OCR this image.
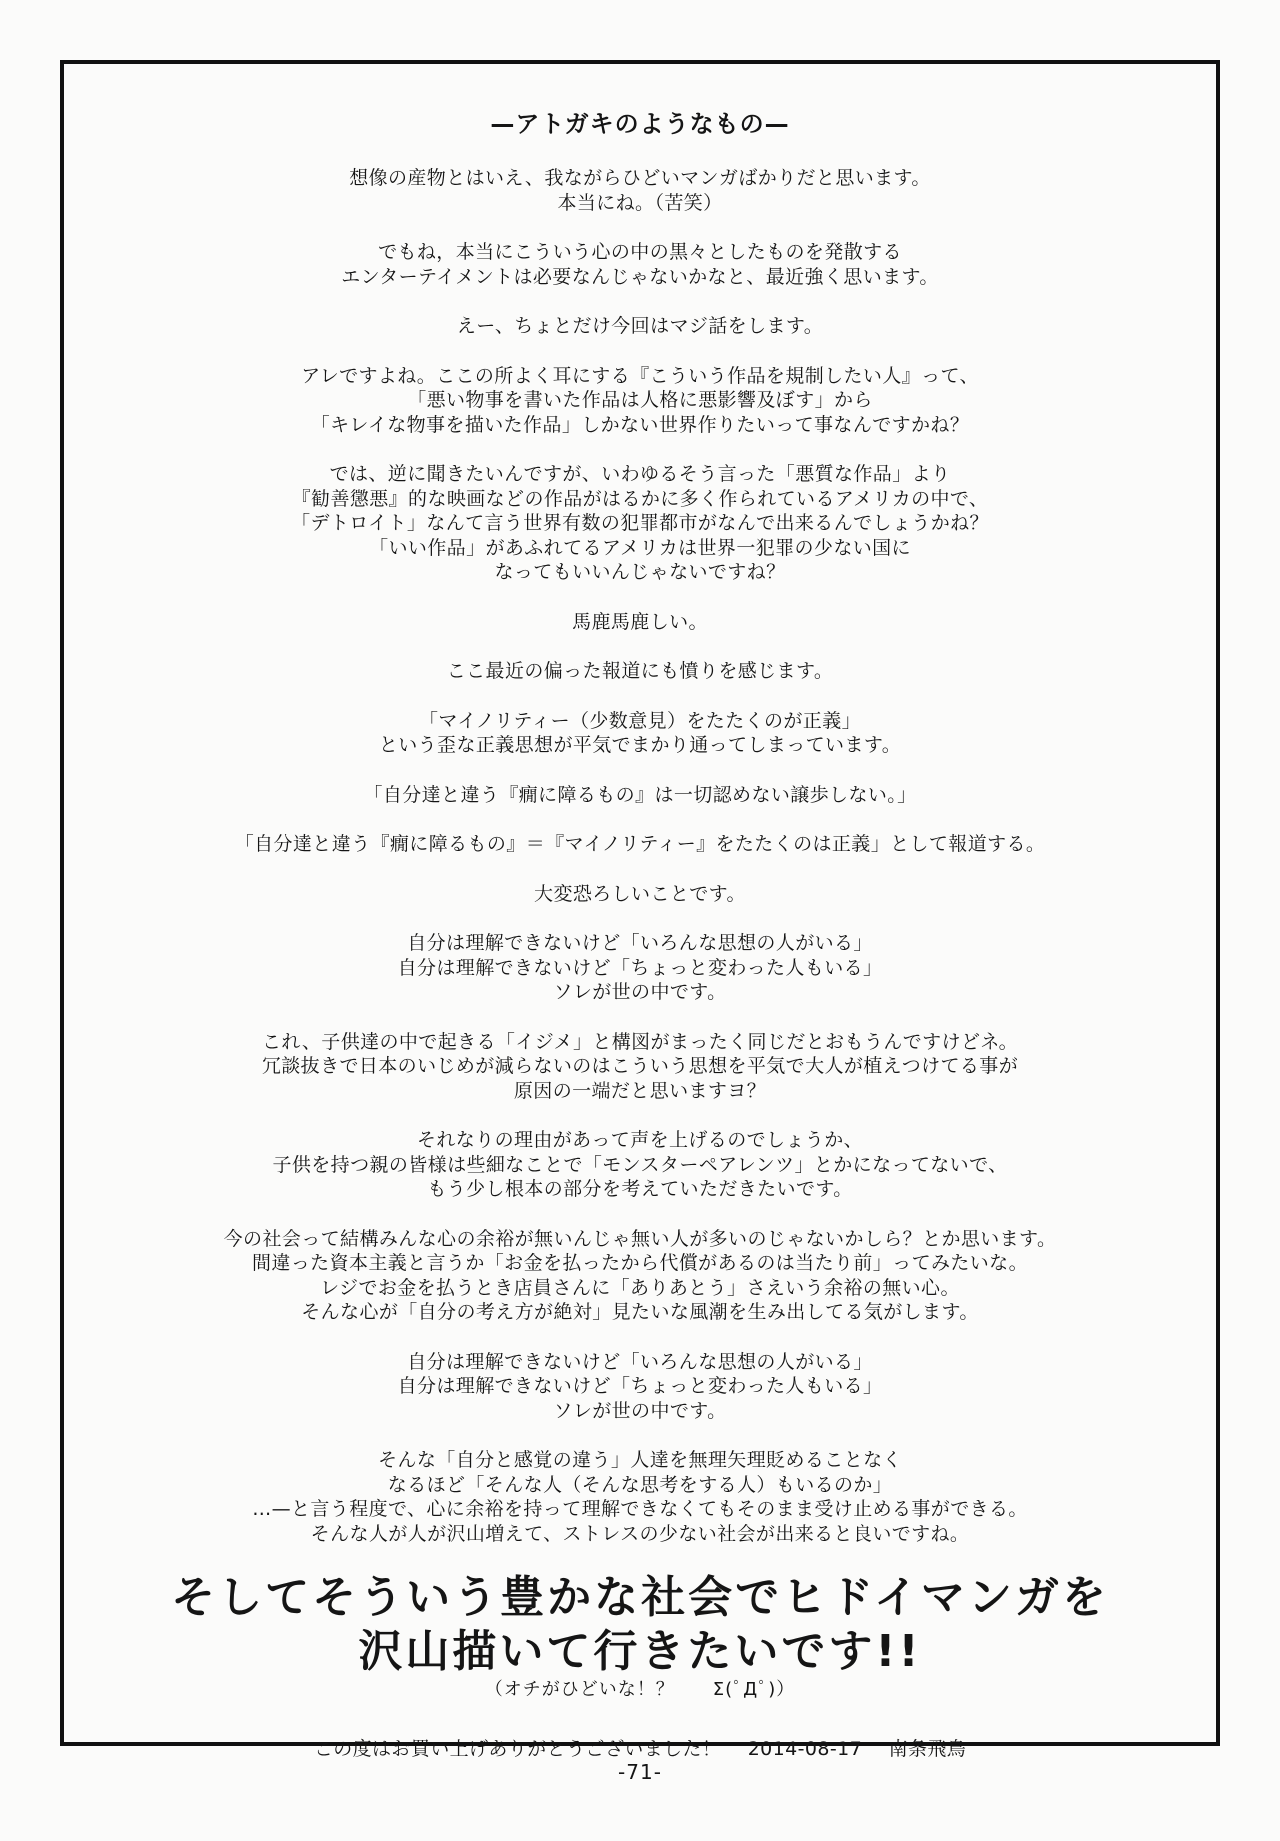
—アトガキのようなもの—
想像の産物とはいえ、我ながらひどいマンガばかりだと思います。
本当にね。（苦笑）
でもね，本当にこういう心の中の黒々としたものを発散する
エンターテイメントは必要なんじゃないかなと、最近強く思います。
えー、ちょとだけ今回はマジ話をします。
アレですよね。ここの所よく耳にする『こういう作品を規制したい人』って、
「悪い物事を書いた作品は人格に悪影響及ぼす」から
「キレイな物事を描いた作品」しかない世界作りたいって事なんですかね？
では、逆に聞きたいんですが、いわゆるそう言った「悪質な作品」より
『勧善懲悪』的な映画などの作品がはるかに多く作られているアメリカの中で、
「デトロイト」なんて言う世界有数の犯罪都市がなんで出来るんでしょうかね？
「いい作品」があふれてるアメリカは世界一犯罪の少ない国に
なってもいいんじゃないですね？
馬鹿馬鹿しい。
ここ最近の偏った報道にも憤りを感じます。
「マイノリティー（少数意見）をたたくのが正義」
という歪な正義思想が平気でまかり通ってしまっています。
「自分達と違う『癇に障るもの』は一切認めない譲歩しない。」
「自分達と違う『癇に障るもの』＝『マイノリティー』をたたくのは正義」として報道する。
大変恐ろしいことです。
自分は理解できないけど「いろんな思想の人がいる」
自分は理解できないけど「ちょっと変わった人もいる」
ソレが世の中です。
これ、子供達の中で起きる「イジメ」と構図がまったく同じだとおもうんですけどネ。
冗談抜きで日本のいじめが減らないのはこういう思想を平気で大人が植えつけてる事が
原因の一端だと思いますヨ？
それなりの理由があって声を上げるのでしょうか、
子供を持つ親の皆様は些細なことで「モンスターペアレンツ」とかになってないで、
もう少し根本の部分を考えていただきたいです。
今の社会って結構みんな心の余裕が無いんじゃ無い人が多いのじゃないかしら？とか思います。
間違った資本主義と言うか「お金を払ったから代償があるのは当たり前」ってみたいな。
レジでお金を払うとき店員さんに「ありあとう」さえいう余裕の無い心。
そんな心が「自分の考え方が絶対」見たいな風潮を生み出してる気がします。
自分は理解できないけど「いろんな思想の人がいる」
自分は理解できないけど「ちょっと変わった人もいる」
ソレが世の中です。
そんな「自分と感覚の違う」人達を無理矢理貶めることなく
なるほど「そんな人（そんな思考をする人）もいるのか」
…—と言う程度で、心に余裕を持って理解できなくてもそのまま受け止める事ができる。
そんな人が人が沢山増えて、ストレスの少ない社会が出来ると良いですね。
そしてそういう豊かな社会でヒドイマンガを
沢山描いて行きたいです!!
（オチがひどいな！？　　Σ(ﾟДﾟ)）
この度はお買い上げありがとうございました！ 2014-08-17 南条飛鳥
-71-
